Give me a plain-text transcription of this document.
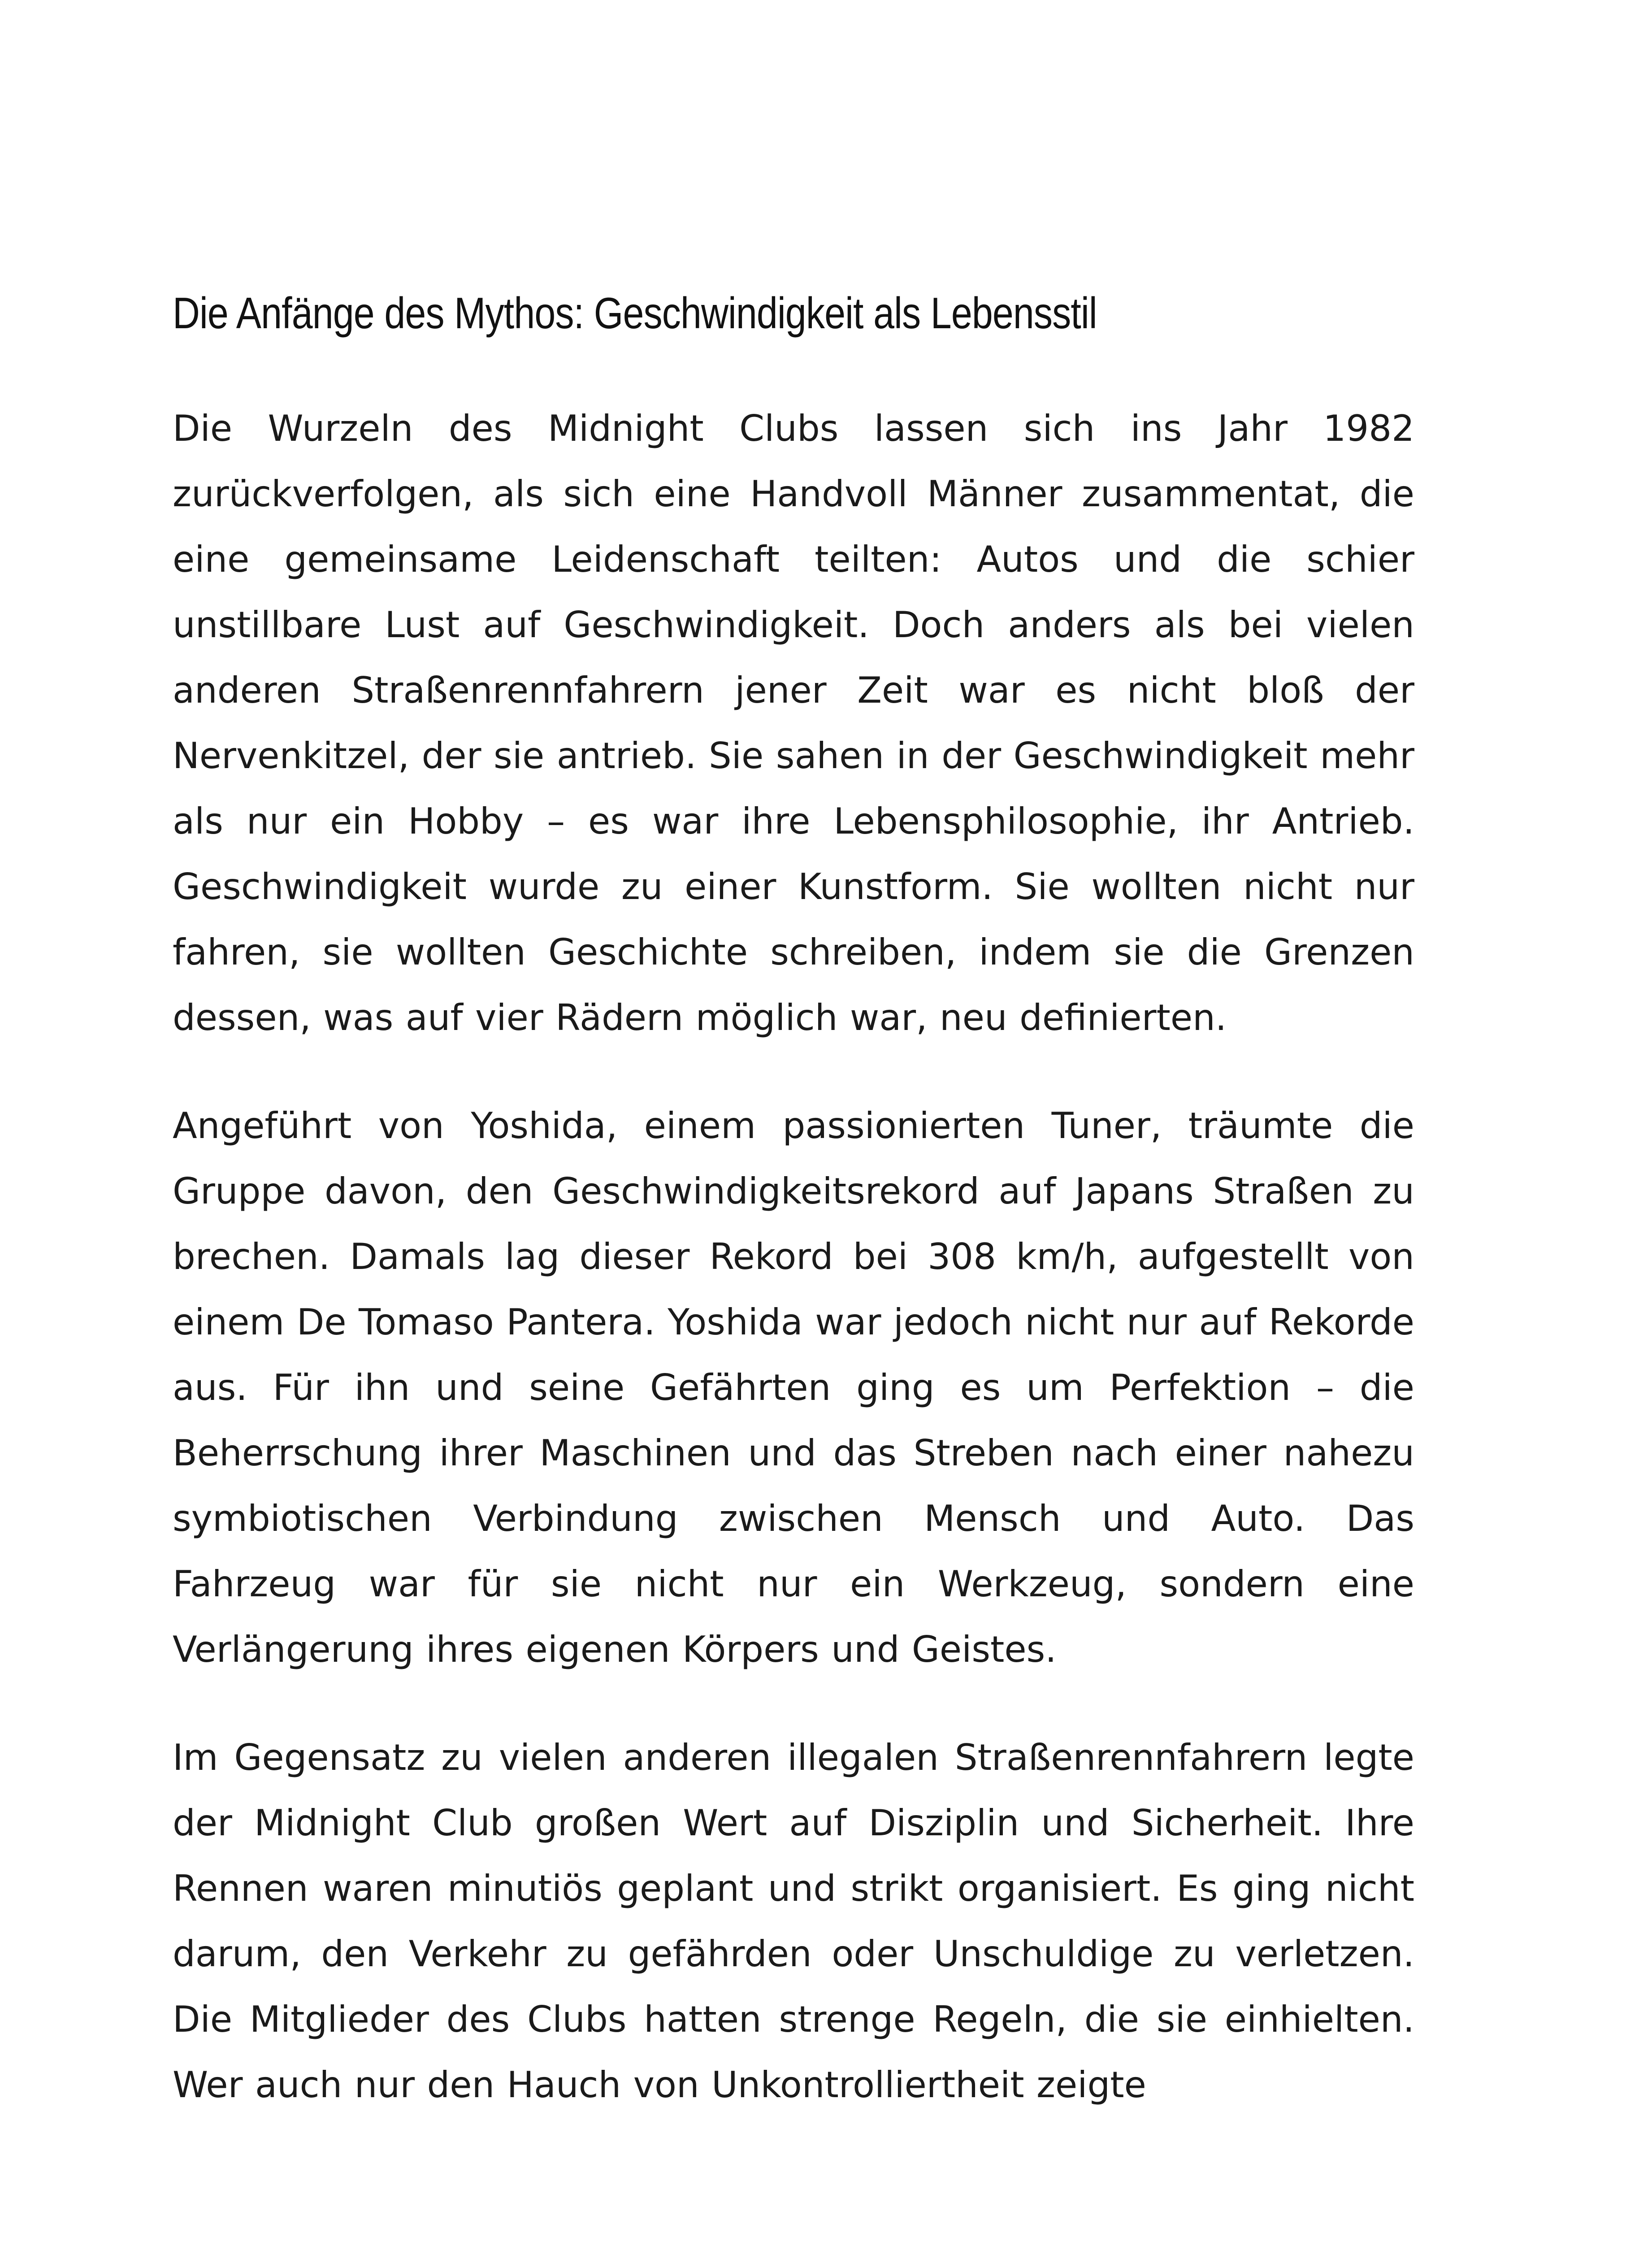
Die Anfänge des Mythos: Geschwindigkeit als Lebensstil

Die Wurzeln des Midnight Clubs lassen sich ins Jahr 1982 zurückverfolgen, als sich eine Handvoll Männer zusammentat, die eine gemeinsame Leidenschaft teilten: Autos und die schier unstillbare Lust auf Geschwindigkeit. Doch anders als bei vielen anderen Straßenrennfahrern jener Zeit war es nicht bloß der Nervenkitzel, der sie antrieb. Sie sahen in der Geschwindigkeit mehr als nur ein Hobby – es war ihre Lebensphilosophie, ihr Antrieb. Geschwindigkeit wurde zu einer Kunstform. Sie wollten nicht nur fahren, sie wollten Geschichte schreiben, indem sie die Grenzen dessen, was auf vier Rädern möglich war, neu definierten.

Angeführt von Yoshida, einem passionierten Tuner, träumte die Gruppe davon, den Geschwindigkeitsrekord auf Japans Straßen zu brechen. Damals lag dieser Rekord bei 308 km/h, aufgestellt von einem De Tomaso Pantera. Yoshida war jedoch nicht nur auf Rekorde aus. Für ihn und seine Gefährten ging es um Perfektion – die Beherrschung ihrer Maschinen und das Streben nach einer nahezu symbiotischen Verbindung zwischen Mensch und Auto. Das Fahrzeug war für sie nicht nur ein Werkzeug, sondern eine Verlängerung ihres eigenen Körpers und Geistes.

Im Gegensatz zu vielen anderen illegalen Straßenrennfahrern legte der Midnight Club großen Wert auf Disziplin und Sicherheit. Ihre Rennen waren minutiös geplant und strikt organisiert. Es ging nicht darum, den Verkehr zu gefährden oder Unschuldige zu verletzen. Die Mitglieder des Clubs hatten strenge Regeln, die sie einhielten. Wer auch nur den Hauch von Unkontrolliertheit zeigte
